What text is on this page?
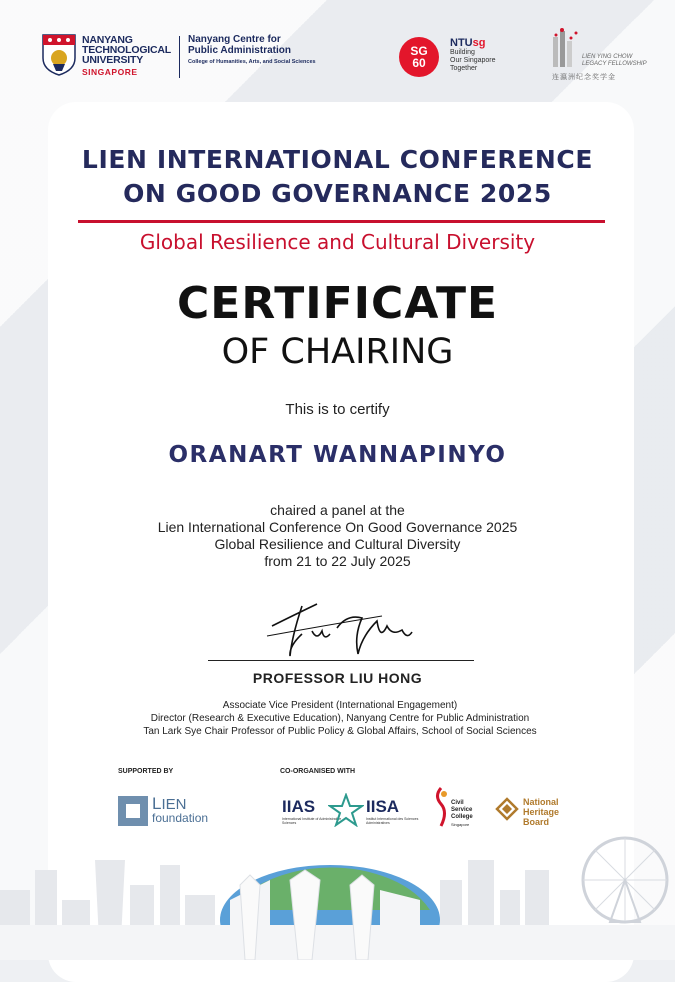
NANYANG
TECHNOLOGICAL
UNIVERSITY
SINGAPORE
Nanyang Centre for
Public Administration
College of Humanities, Arts, and Social Sciences
SG
60
NTUsg
Building
Our Singapore
Together
LIEN YING CHOW
LEGACY FELLOWSHIP
连瀛洲纪念奖学金
LIEN INTERNATIONAL CONFERENCE
ON GOOD GOVERNANCE 2025
Global Resilience and Cultural Diversity
CERTIFICATE
OF CHAIRING
This is to certify
ORANART WANNAPINYO
chaired a panel at the
Lien International Conference On Good Governance 2025
Global Resilience and Cultural Diversity
from 21 to 22 July 2025
PROFESSOR LIU HONG
Associate Vice President (International Engagement)
Director (Research & Executive Education), Nanyang Centre for Public Administration
Tan Lark Sye Chair Professor of Public Policy & Global Affairs, School of Social Sciences
SUPPORTED BY	CO-ORGANISED WITH
LIEN
foundation
IIAS
International Institute of Administrative Sciences
IISA
Institut International des Sciences Administratives
Civil
Service
College
Singapore
National
Heritage
Board
